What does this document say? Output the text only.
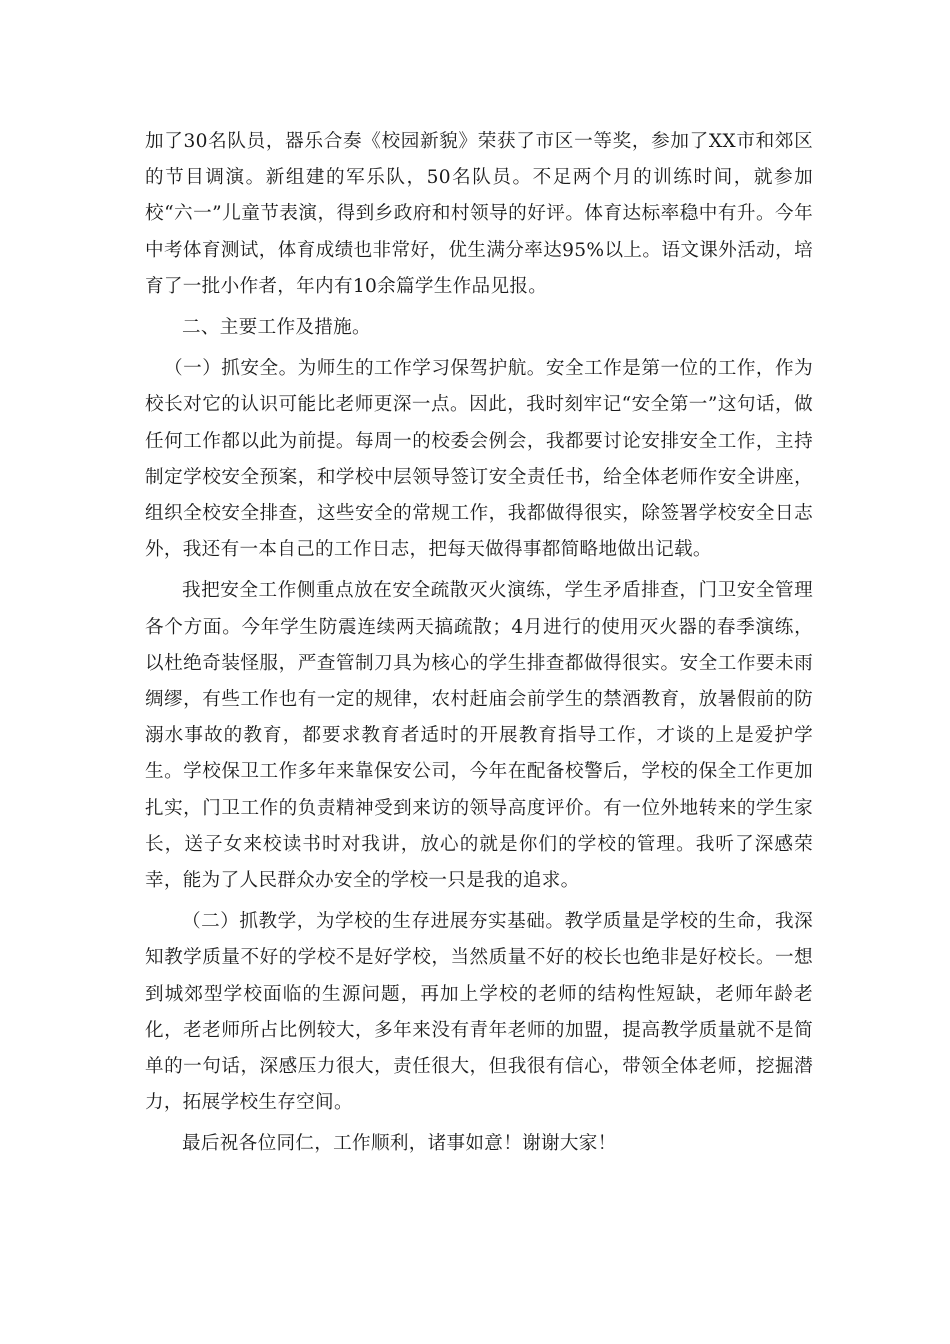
加了30名队员，器乐合奏《校园新貌》荣获了市区一等奖，参加了XX市和郊区的节目调演。新组建的军乐队，50名队员。不足两个月的训练时间，就参加校“六一”儿童节表演，得到乡政府和村领导的好评。体育达标率稳中有升。今年中考体育测试，体育成绩也非常好，优生满分率达95%以上。语文课外活动，培育了一批小作者，年内有10余篇学生作品见报。

二、主要工作及措施。

（一）抓安全。为师生的工作学习保驾护航。安全工作是第一位的工作，作为校长对它的认识可能比老师更深一点。因此，我时刻牢记“安全第一”这句话，做任何工作都以此为前提。每周一的校委会例会，我都要讨论安排安全工作，主持制定学校安全预案，和学校中层领导签订安全责任书，给全体老师作安全讲座，组织全校安全排查，这些安全的常规工作，我都做得很实，除签署学校安全日志外，我还有一本自己的工作日志，把每天做得事都简略地做出记载。

我把安全工作侧重点放在安全疏散灭火演练，学生矛盾排查，门卫安全管理各个方面。今年学生防震连续两天搞疏散；4月进行的使用灭火器的春季演练，以杜绝奇装怪服，严查管制刀具为核心的学生排查都做得很实。安全工作要未雨绸缪，有些工作也有一定的规律，农村赶庙会前学生的禁酒教育，放暑假前的防溺水事故的教育，都要求教育者适时的开展教育指导工作，才谈的上是爱护学生。学校保卫工作多年来靠保安公司，今年在配备校警后，学校的保全工作更加扎实，门卫工作的负责精神受到来访的领导高度评价。有一位外地转来的学生家长，送子女来校读书时对我讲，放心的就是你们的学校的管理。我听了深感荣幸，能为了人民群众办安全的学校一只是我的追求。

（二）抓教学，为学校的生存进展夯实基础。教学质量是学校的生命，我深知教学质量不好的学校不是好学校，当然质量不好的校长也绝非是好校长。一想到城郊型学校面临的生源问题，再加上学校的老师的结构性短缺，老师年龄老化，老老师所占比例较大，多年来没有青年老师的加盟，提高教学质量就不是简单的一句话，深感压力很大，责任很大，但我很有信心，带领全体老师，挖掘潜力，拓展学校生存空间。

最后祝各位同仁，工作顺利，诸事如意！谢谢大家！
